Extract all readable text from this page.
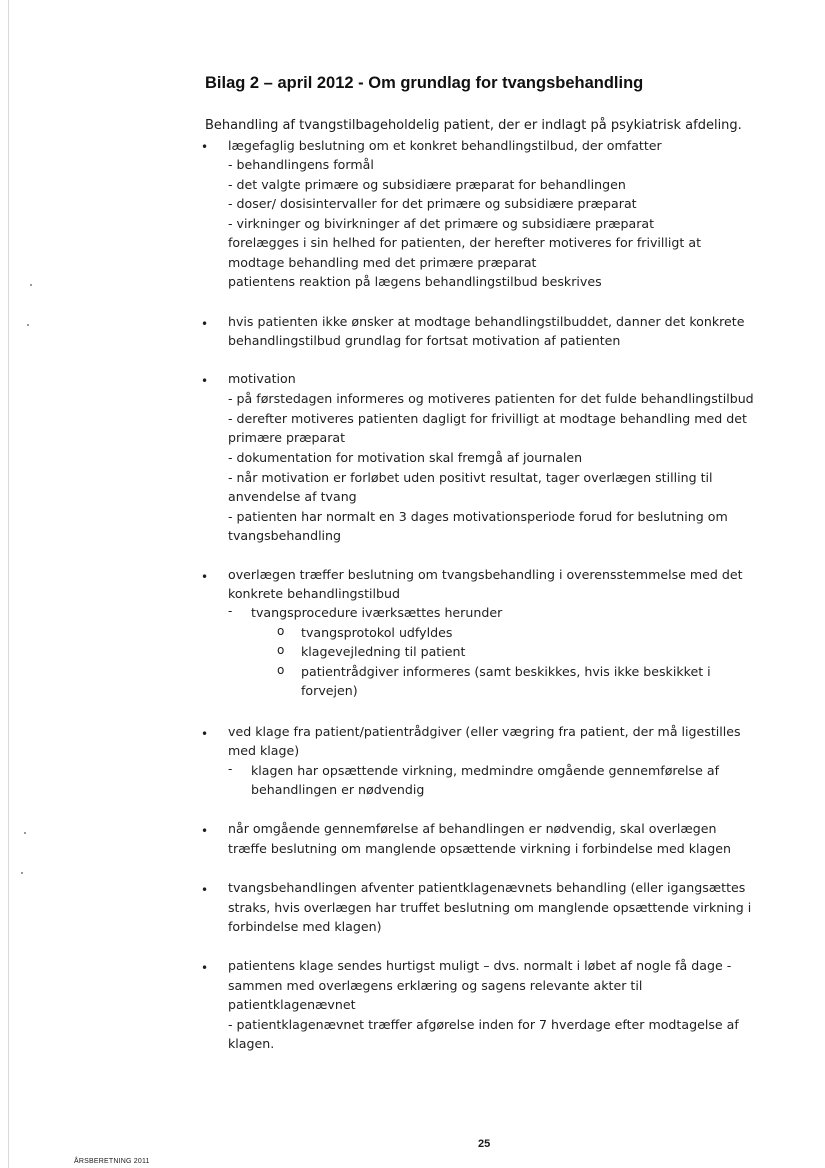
Bilag 2 – april 2012 - Om grundlag for tvangsbehandling
Behandling af tvangstilbageholdelig patient, der er indlagt på psykiatrisk afdeling.
• lægefaglig beslutning om et konkret behandlingstilbud, der omfatter
- behandlingens formål
- det valgte primære og subsidiære præparat for behandlingen
- doser/ dosisintervaller for det primære og subsidiære præparat
- virkninger og bivirkninger af det primære og subsidiære præparat
forelægges i sin helhed for patienten, der herefter motiveres for frivilligt at
modtage behandling med det primære præparat
patientens reaktion på lægens behandlingstilbud beskrives
• hvis patienten ikke ønsker at modtage behandlingstilbuddet, danner det konkrete
behandlingstilbud grundlag for fortsat motivation af patienten
• motivation
- på førstedagen informeres og motiveres patienten for det fulde behandlingstilbud
- derefter motiveres patienten dagligt for frivilligt at modtage behandling med det
primære præparat
- dokumentation for motivation skal fremgå af journalen
- når motivation er forløbet uden positivt resultat, tager overlægen stilling til
anvendelse af tvang
- patienten har normalt en 3 dages motivationsperiode forud for beslutning om
tvangsbehandling
• overlægen træffer beslutning om tvangsbehandling i overensstemmelse med det
konkrete behandlingstilbud
- tvangsprocedure iværksættes herunder
o tvangsprotokol udfyldes
o klagevejledning til patient
o patientrådgiver informeres (samt beskikkes, hvis ikke beskikket i
forvejen)
• ved klage fra patient/patientrådgiver (eller vægring fra patient, der må ligestilles
med klage)
- klagen har opsættende virkning, medmindre omgående gennemførelse af
behandlingen er nødvendig
• når omgående gennemførelse af behandlingen er nødvendig, skal overlægen
træffe beslutning om manglende opsættende virkning i forbindelse med klagen
• tvangsbehandlingen afventer patientklagenævnets behandling (eller igangsættes
straks, hvis overlægen har truffet beslutning om manglende opsættende virkning i
forbindelse med klagen)
• patientens klage sendes hurtigst muligt – dvs. normalt i løbet af nogle få dage -
sammen med overlægens erklæring og sagens relevante akter til
patientklagenævnet
- patientklagenævnet træffer afgørelse inden for 7 hverdage efter modtagelse af
klagen.
25
ÅRSBERETNING 2011
